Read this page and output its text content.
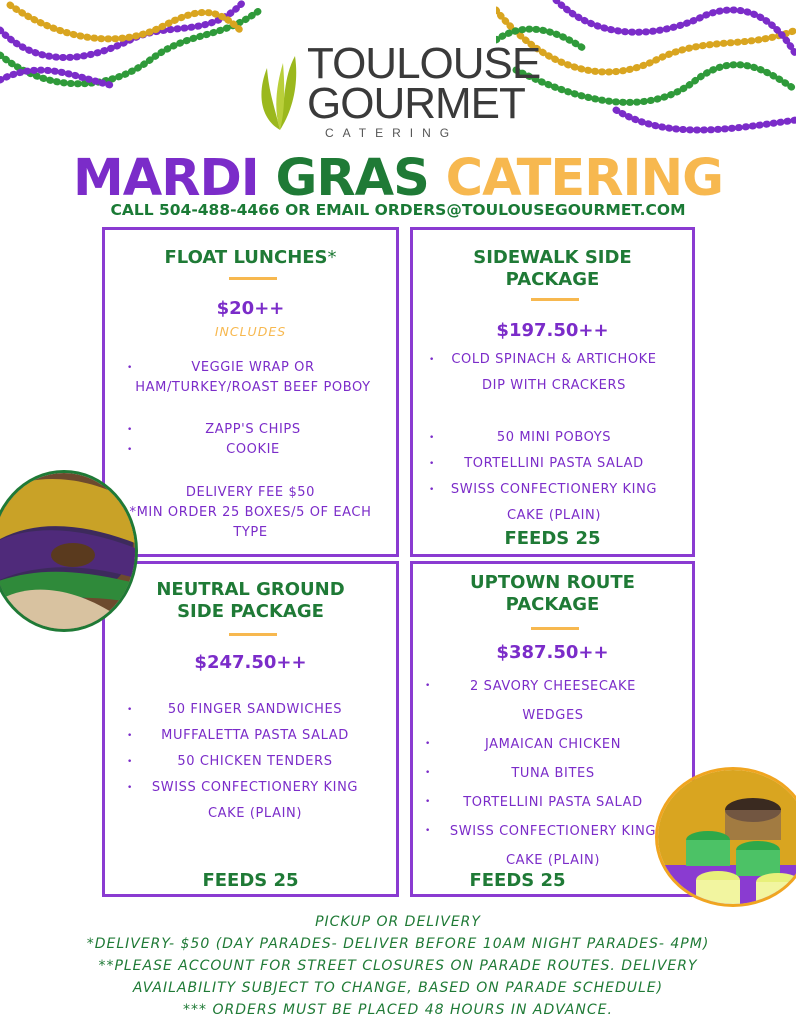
TOULOUSE
GOURMET
CATERING
MARDI GRAS CATERING
CALL 504-488-4466 OR EMAIL ORDERS@TOULOUSEGOURMET.COM
FLOAT LUNCHES*
$20++
INCLUDES
•	VEGGIE WRAP OR HAM/TURKEY/ROAST BEEF POBOY
•	ZAPP'S CHIPS
•	COOKIE
DELIVERY FEE $50
*MIN ORDER 25 BOXES/5 OF EACH TYPE
SIDEWALK SIDE PACKAGE
$197.50++
• COLD SPINACH & ARTICHOKE DIP WITH CRACKERS
•	50 MINI POBOYS
• TORTELLINI PASTA SALAD
• SWISS CONFECTIONERY KING CAKE (PLAIN)
FEEDS 25
NEUTRAL GROUND SIDE PACKAGE
$247.50++
•	50 FINGER SANDWICHES
• MUFFALETTA PASTA SALAD
•	50 CHICKEN TENDERS
• SWISS CONFECTIONERY KING CAKE (PLAIN)
FEEDS 25
UPTOWN ROUTE PACKAGE
$387.50++
•	2 SAVORY CHEESECAKE WEDGES
•	JAMAICAN CHICKEN
•	TUNA BITES
• TORTELLINI PASTA SALAD
• SWISS CONFECTIONERY KING CAKE (PLAIN)
FEEDS 25
PICKUP OR DELIVERY
*DELIVERY- $50 (DAY PARADES- DELIVER BEFORE 10AM NIGHT PARADES- 4PM)
**PLEASE ACCOUNT FOR STREET CLOSURES ON PARADE ROUTES. DELIVERY
AVAILABILITY SUBJECT TO CHANGE, BASED ON PARADE SCHEDULE)
*** ORDERS MUST BE PLACED 48 HOURS IN ADVANCE.
